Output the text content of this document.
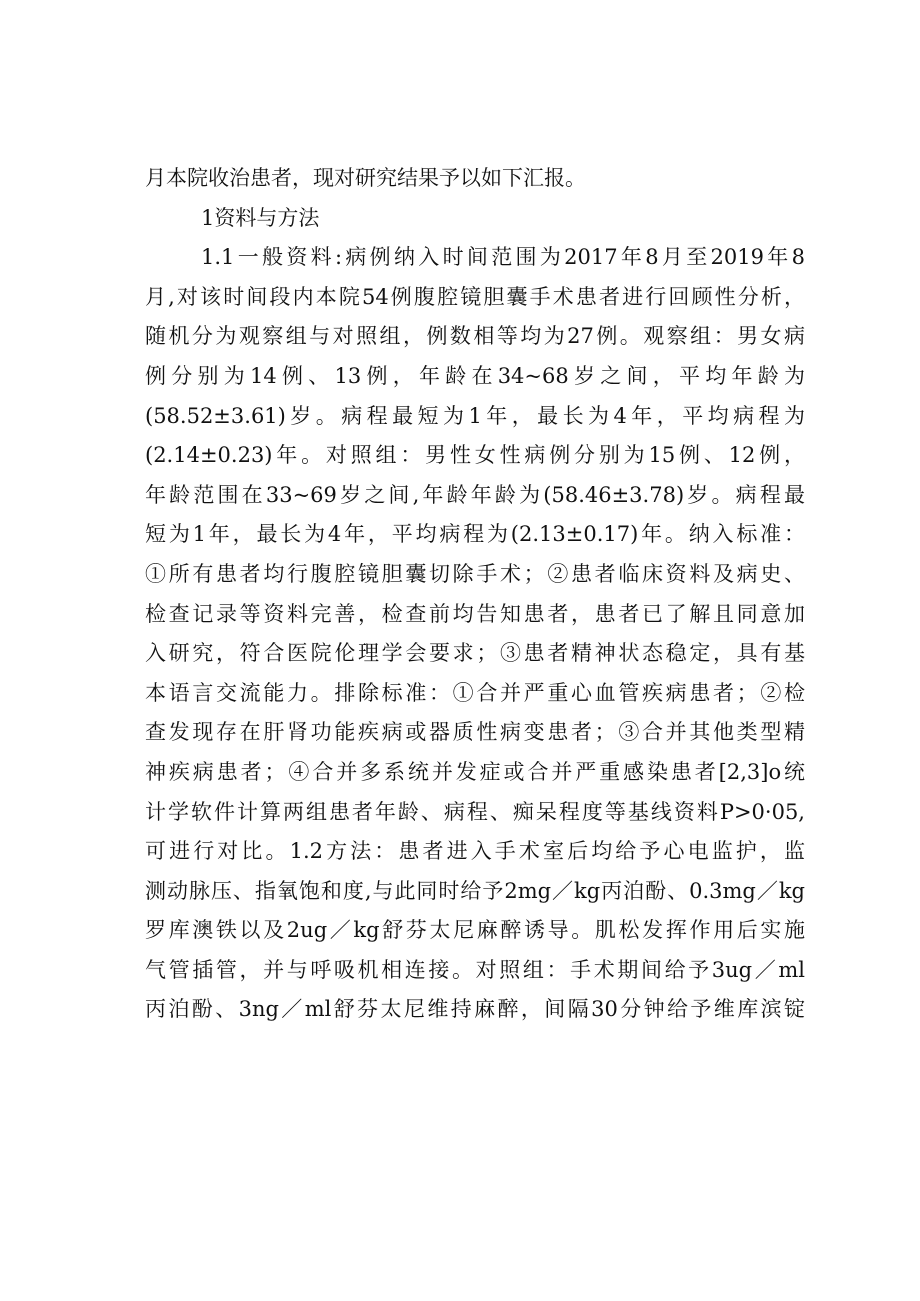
月本院收治患者，现对研究结果予以如下汇报。
1资料与方法
1.1一般资料:病例纳入时间范围为2017年8月至2019年8
月,对该时间段内本院54例腹腔镜胆囊手术患者进行回顾性分析，
随机分为观察组与对照组，例数相等均为27例。观察组：男女病
例分别为14例、13例，年龄在34~68岁之间，平均年龄为
(58.52±3.61)岁。病程最短为1年，最长为4年，平均病程为
(2.14±0.23)年。对照组：男性女性病例分别为15例、12例，
年龄范围在33~69岁之间,年龄年龄为(58.46±3.78)岁。病程最
短为1年，最长为4年，平均病程为(2.13±0.17)年。纳入标准：
①所有患者均行腹腔镜胆囊切除手术；②患者临床资料及病史、
检查记录等资料完善，检查前均告知患者，患者已了解且同意加
入研究，符合医院伦理学会要求；③患者精神状态稳定，具有基
本语言交流能力。排除标准：①合并严重心血管疾病患者；②检
查发现存在肝肾功能疾病或器质性病变患者；③合并其他类型精
神疾病患者；④合并多系统并发症或合并严重感染患者[2,3]o统
计学软件计算两组患者年龄、病程、痴呆程度等基线资料P>0·05,
可进行对比。1.2方法：患者进入手术室后均给予心电监护，监
测动脉压、指氧饱和度,与此同时给予2mg／kg丙泊酚、0.3mg／kg
罗库澳铁以及2ug／kg舒芬太尼麻醉诱导。肌松发挥作用后实施
气管插管，并与呼吸机相连接。对照组：手术期间给予3ug／ml
丙泊酚、3ng／ml舒芬太尼维持麻醉，间隔30分钟给予维库滨锭
